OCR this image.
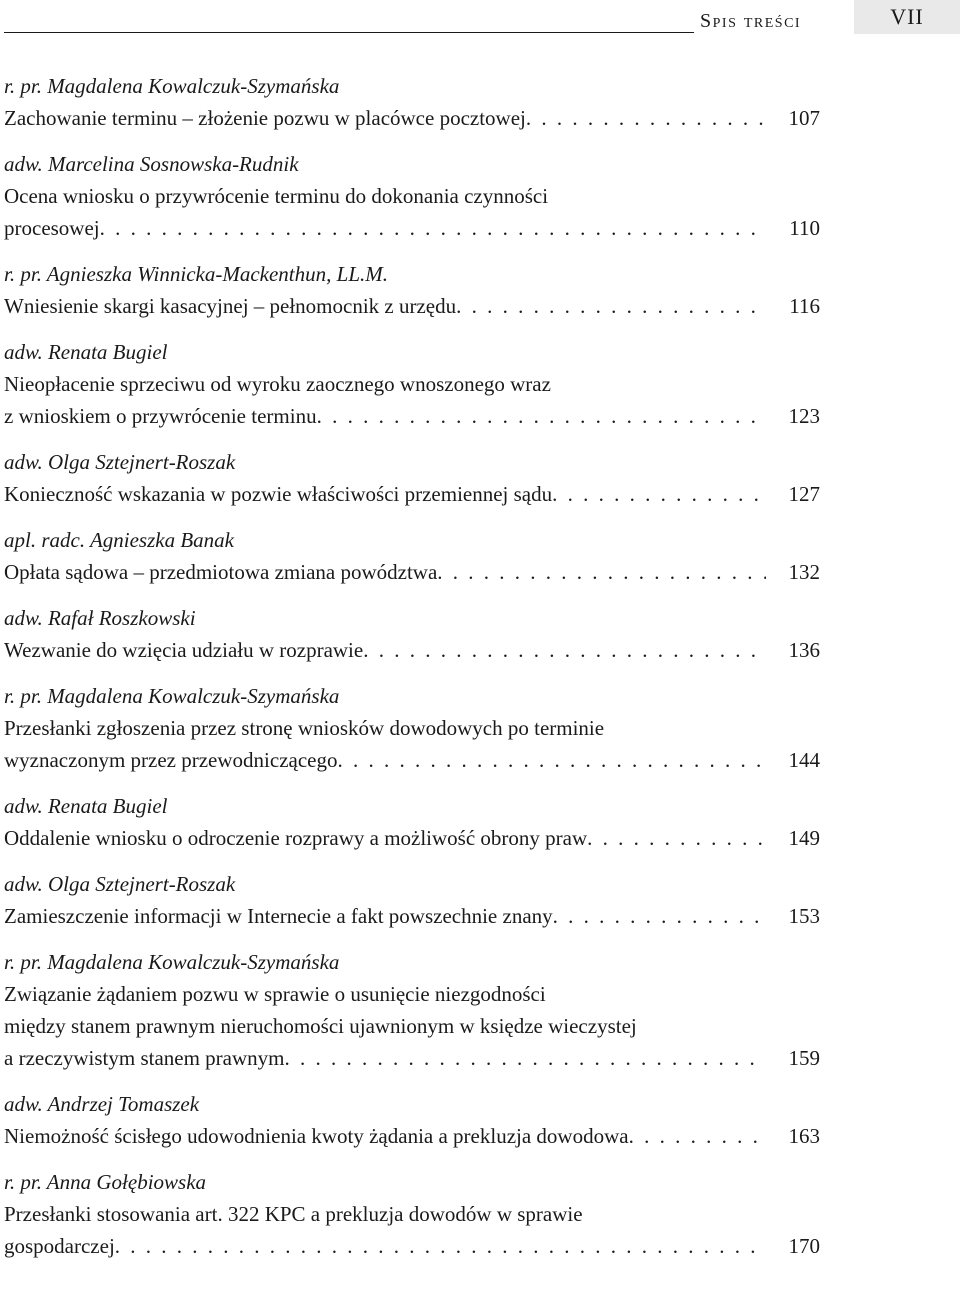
Spis treści	VII
r. pr. Magdalena Kowalczuk-Szymańska
Zachowanie terminu – złożenie pozwu w placówce pocztowej . . .	107
adw. Marcelina Sosnowska-Rudnik
Ocena wniosku o przywrócenie terminu do dokonania czynności
procesowej . . .	110
r. pr. Agnieszka Winnicka-Mackenthun, LL.M.
Wniesienie skargi kasacyjnej – pełnomocnik z urzędu . . .	116
adw. Renata Bugiel
Nieopłacenie sprzeciwu od wyroku zaocznego wnoszonego wraz
z wnioskiem o przywrócenie terminu . . .	123
adw. Olga Sztejnert-Roszak
Konieczność wskazania w pozwie właściwości przemiennej sądu . . .	127
apl. radc. Agnieszka Banak
Opłata sądowa – przedmiotowa zmiana powództwa . . .	132
adw. Rafał Roszkowski
Wezwanie do wzięcia udziału w rozprawie . . .	136
r. pr. Magdalena Kowalczuk-Szymańska
Przesłanki zgłoszenia przez stronę wniosków dowodowych po terminie
wyznaczonym przez przewodniczącego . . .	144
adw. Renata Bugiel
Oddalenie wniosku o odroczenie rozprawy a możliwość obrony praw . . .	149
adw. Olga Sztejnert-Roszak
Zamieszczenie informacji w Internecie a fakt powszechnie znany . . .	153
r. pr. Magdalena Kowalczuk-Szymańska
Związanie żądaniem pozwu w sprawie o usunięcie niezgodności
między stanem prawnym nieruchomości ujawnionym w księdze wieczystej
a rzeczywistym stanem prawnym . . .	159
adw. Andrzej Tomaszek
Niemożność ścisłego udowodnienia kwoty żądania a prekluzja dowodowa . . .	163
r. pr. Anna Gołębiowska
Przesłanki stosowania art. 322 KPC a prekluzja dowodów w sprawie
gospodarczej . . .	170
